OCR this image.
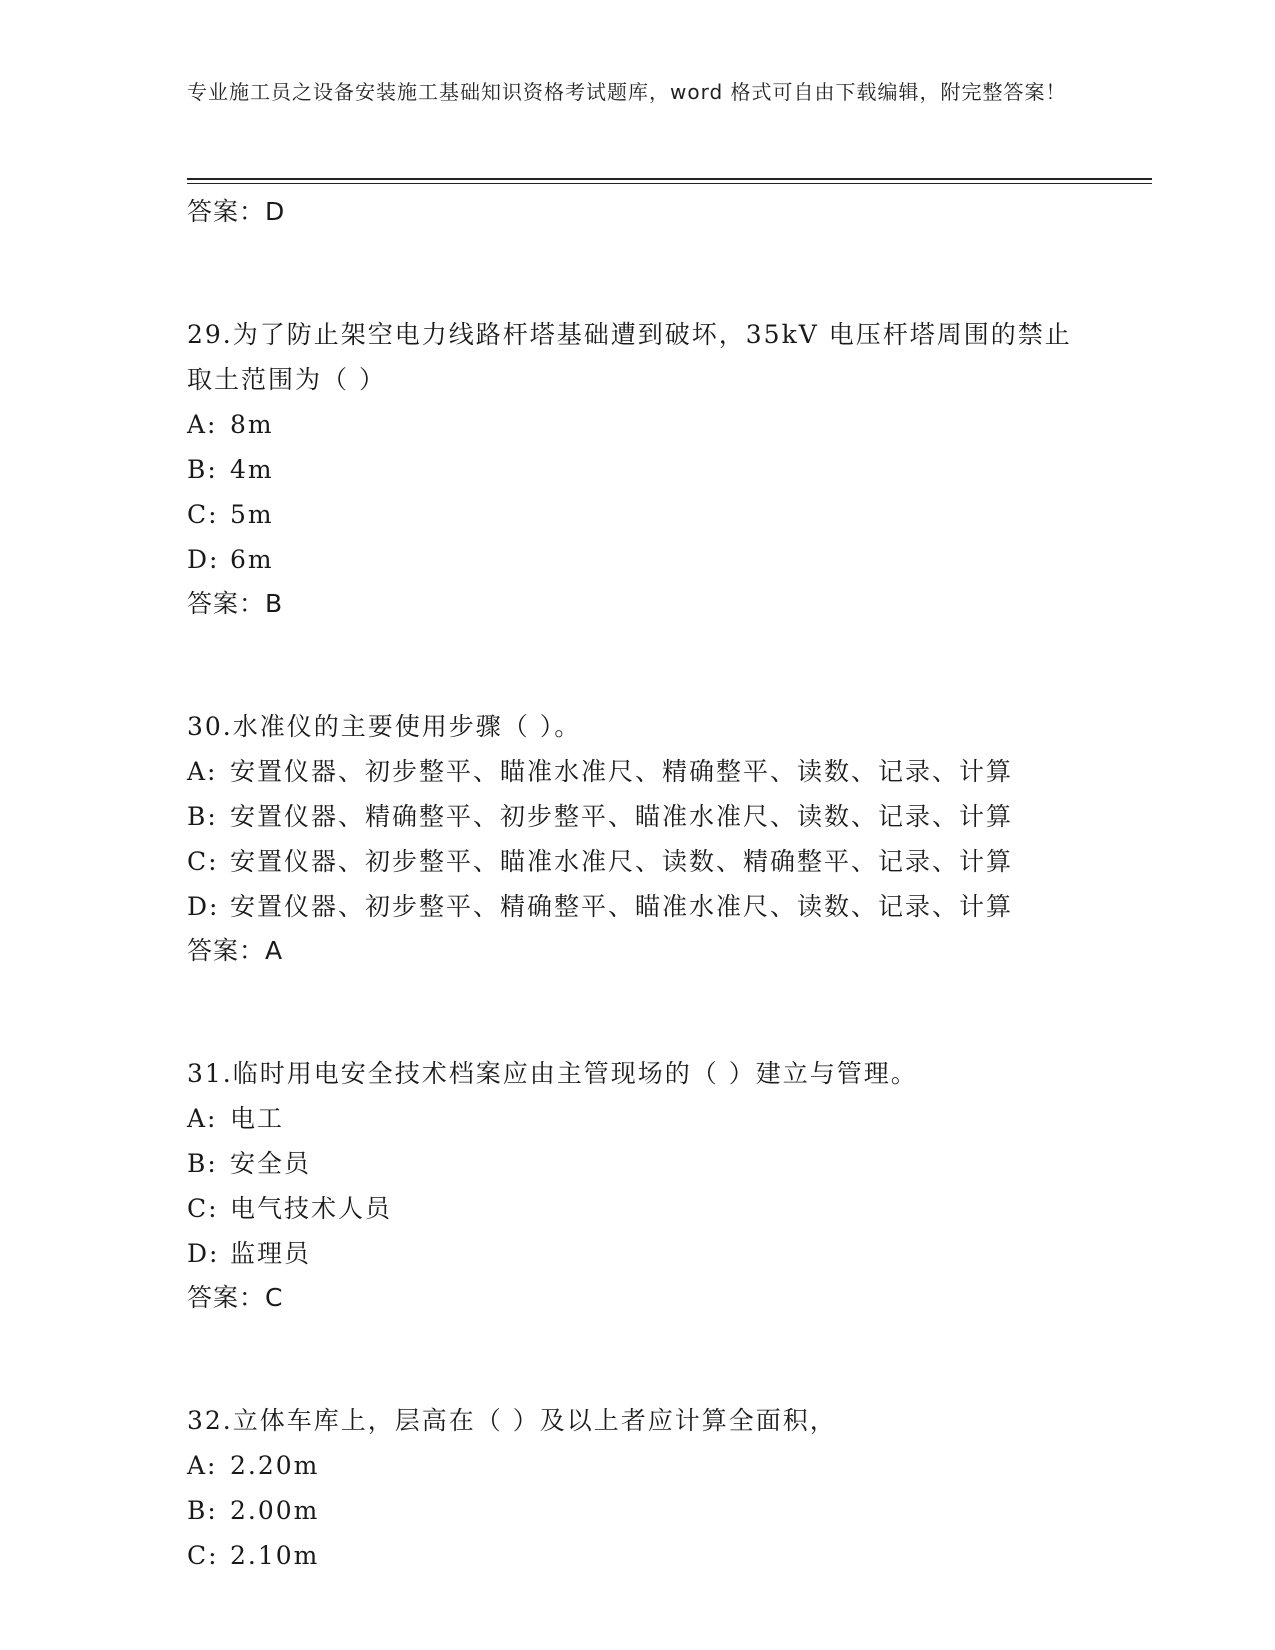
专业施工员之设备安装施工基础知识资格考试题库，word 格式可自由下载编辑，附完整答案！
答案：D
29.为了防止架空电力线路杆塔基础遭到破坏，35kV 电压杆塔周围的禁止取土范围为（ ）
A: 8m
B: 4m
C: 5m
D: 6m
答案：B
30.水准仪的主要使用步骤（ ）。
A: 安置仪器、初步整平、瞄准水准尺、精确整平、读数、记录、计算
B: 安置仪器、精确整平、初步整平、瞄准水准尺、读数、记录、计算
C: 安置仪器、初步整平、瞄准水准尺、读数、精确整平、记录、计算
D: 安置仪器、初步整平、精确整平、瞄准水准尺、读数、记录、计算
答案：A
31.临时用电安全技术档案应由主管现场的（ ）建立与管理。
A: 电工
B: 安全员
C: 电气技术人员
D: 监理员
答案：C
32.立体车库上，层高在（ ）及以上者应计算全面积，
A: 2.20m
B: 2.00m
C: 2.10m
